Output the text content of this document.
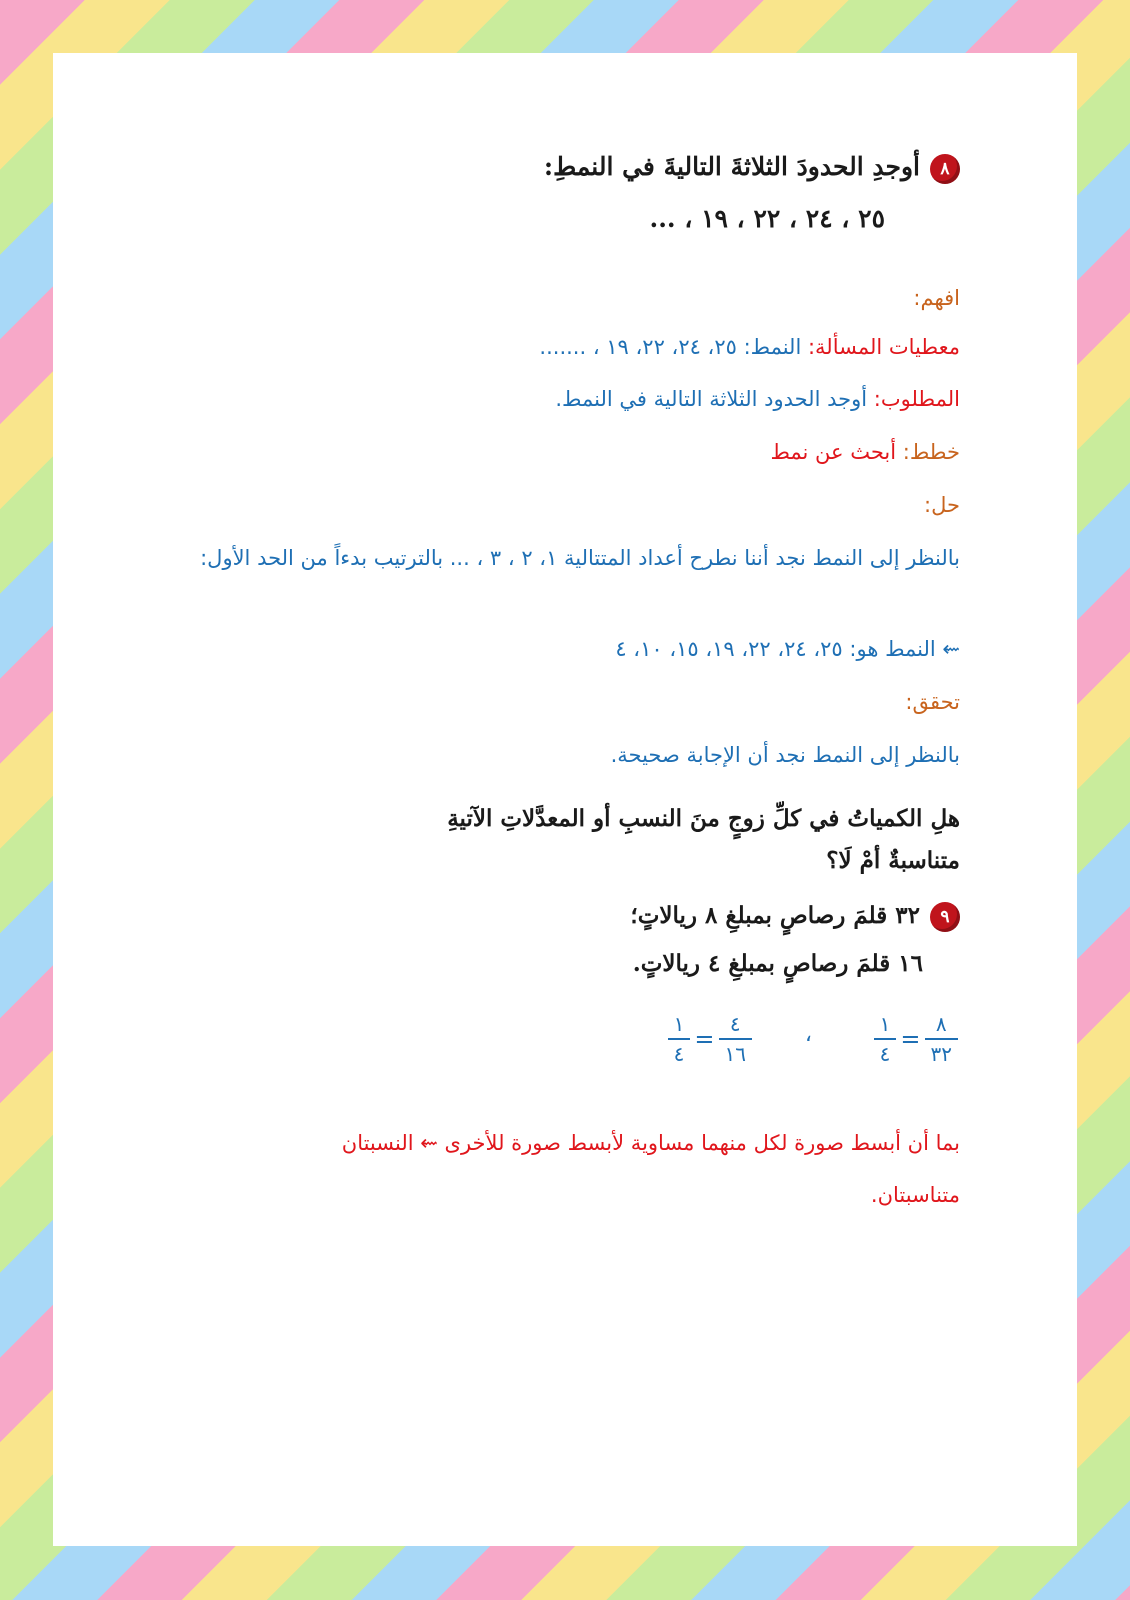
٨أوجدِ الحدودَ الثلاثةَ التاليةَ في النمطِ:
٢٥ ، ٢٤ ، ٢٢ ، ١٩ ، ...
افهم:
معطيات المسألة: النمط: ٢٥، ٢٤، ٢٢، ١٩ ، .......
المطلوب: أوجد الحدود الثلاثة التالية في النمط.
خطط: أبحث عن نمط
حل:
بالنظر إلى النمط نجد أننا نطرح أعداد المتتالية ١، ٢ ، ٣ ، ... بالترتيب بدءاً من الحد الأول:
⇜ النمط هو: ٢٥، ٢٤، ٢٢، ١٩، ١٥، ١٠، ٤
تحقق:
بالنظر إلى النمط نجد أن الإجابة صحيحة.
هلِ الكمياتُ في كلِّ زوجٍ منَ النسبِ أو المعدَّلاتِ الآتيةِ متناسبةٌ أمْ لَا؟
٩٣٢ قلمَ رصاصٍ بمبلغِ ٨ ريالاتٍ؛
١٦ قلمَ رصاصٍ بمبلغِ ٤ ريالاتٍ.
$\frac{١}{٤} = \frac{٨}{٣٢}$
،
$\frac{١}{٤} = \frac{٤}{١٦}$
بما أن أبسط صورة لكل منهما مساوية لأبسط صورة للأخرى ⇜ النسبتان متناسبتان.
